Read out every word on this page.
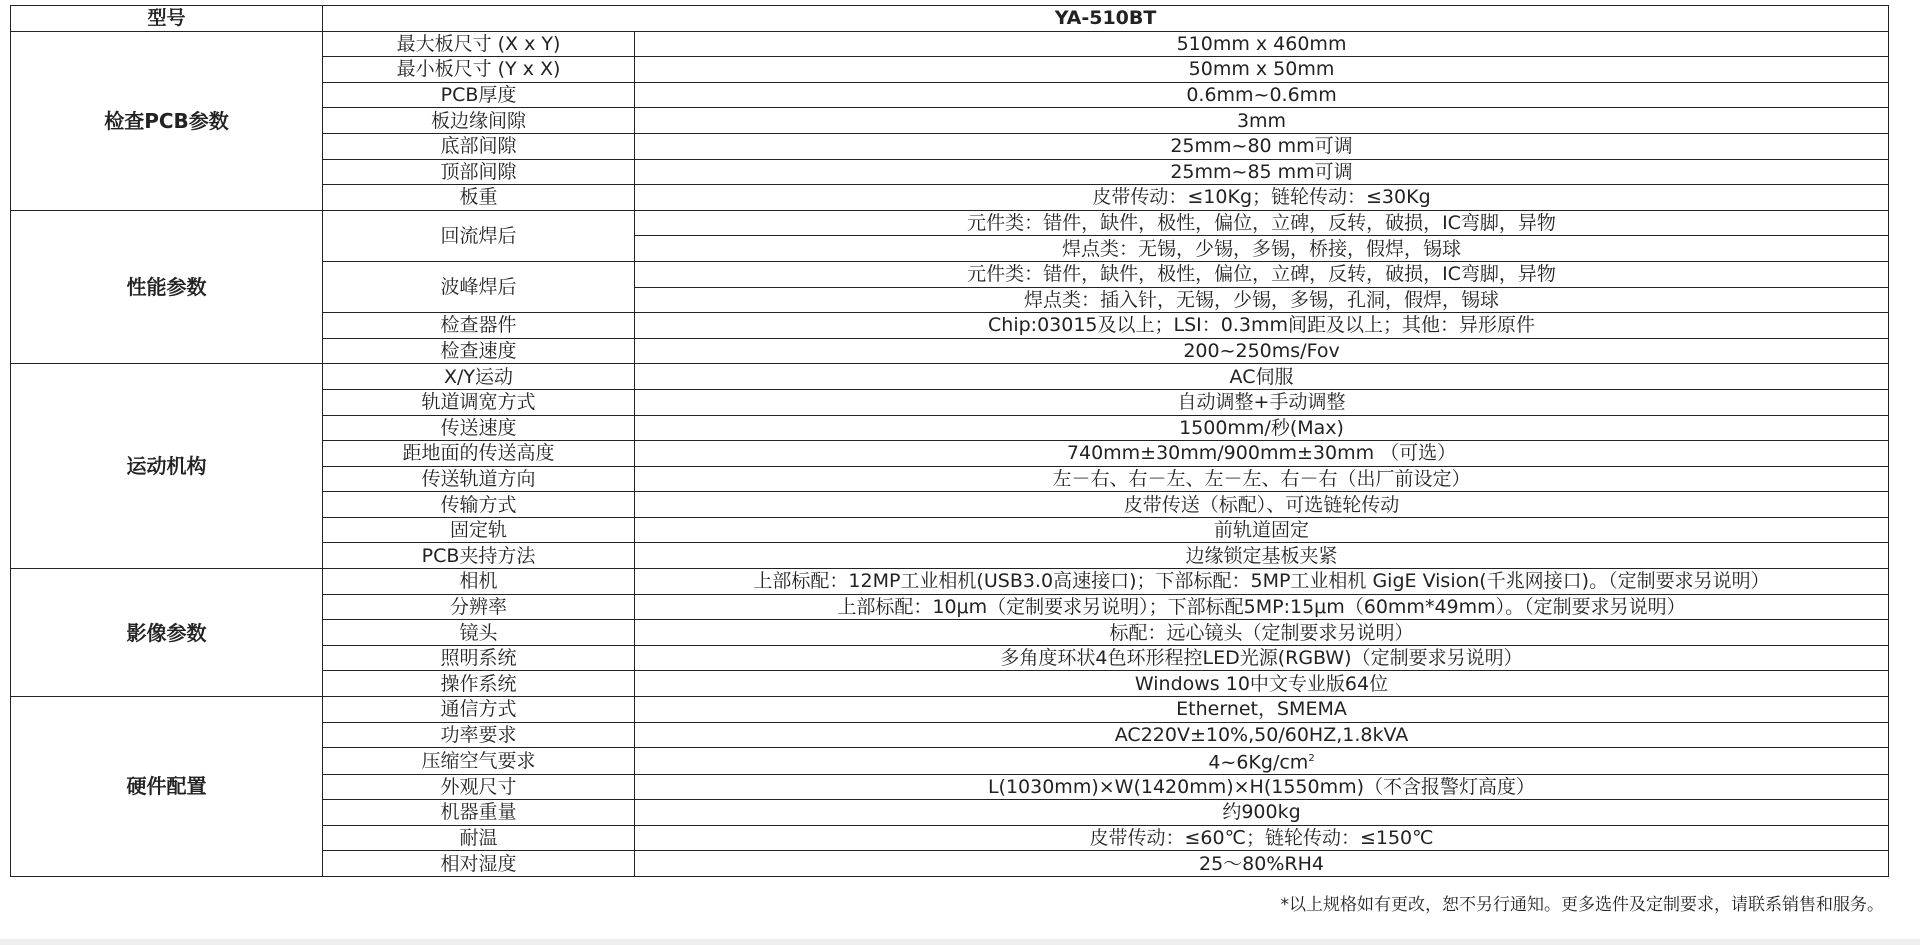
型号	YA-510BT	
检查PCB参数	最大板尺寸 (X x Y)	510mm x 460mm
	最小板尺寸 (Y x X)	50mm x 50mm
	PCB厚度	0.6mm~0.6mm
	板边缘间隙	3mm
	底部间隙	25mm~80 mm可调
	顶部间隙	25mm~85 mm可调
	板重	皮带传动：≤10Kg；链轮传动：≤30Kg
性能参数	回流焊后	元件类：错件，缺件，极性，偏位，立碑，反转，破损，IC弯脚，异物
		焊点类：无锡，少锡，多锡，桥接，假焊，锡球
	波峰焊后	元件类：错件，缺件，极性，偏位，立碑，反转，破损，IC弯脚，异物
		焊点类：插入针，无锡，少锡，多锡，孔洞，假焊，锡球
	检查器件	Chip:03015及以上；LSI：0.3mm间距及以上；其他：异形原件
	检查速度	200~250ms/Fov
运动机构	X/Y运动	AC伺服
	轨道调宽方式	自动调整+手动调整
	传送速度	1500mm/秒(Max)
	距地面的传送高度	740mm±30mm/900mm±30mm （可选）
	传送轨道方向	左－右、右－左、左－左、右－右（出厂前设定）
	传输方式	皮带传送（标配）、可选链轮传动
	固定轨	前轨道固定
	PCB夹持方法	边缘锁定基板夹紧
影像参数	相机	上部标配：12MP工业相机(USB3.0高速接口)；下部标配：5MP工业相机 GigE Vision(千兆网接口)。（定制要求另说明）
	分辨率	上部标配：10μm（定制要求另说明）；下部标配5MP:15μm（60mm*49mm）。（定制要求另说明）
	镜头	标配：远心镜头（定制要求另说明）
	照明系统	多角度环状4色环形程控LED光源(RGBW)（定制要求另说明）
	操作系统	Windows 10中文专业版64位
硬件配置	通信方式	Ethernet，SMEMA
	功率要求	AC220V±10%,50/60HZ,1.8kVA
	压缩空气要求	$4\sim 6Kg/cm^2$
	外观尺寸	L(1030mm)×W(1420mm)×H(1550mm)（不含报警灯高度）
	机器重量	约900kg
	耐温	皮带传动：≤60℃；链轮传动：≤150℃
	相对湿度	25～80%RH4
*以上规格如有更改，恕不另行通知。更多选件及定制要求，请联系销售和服务。
